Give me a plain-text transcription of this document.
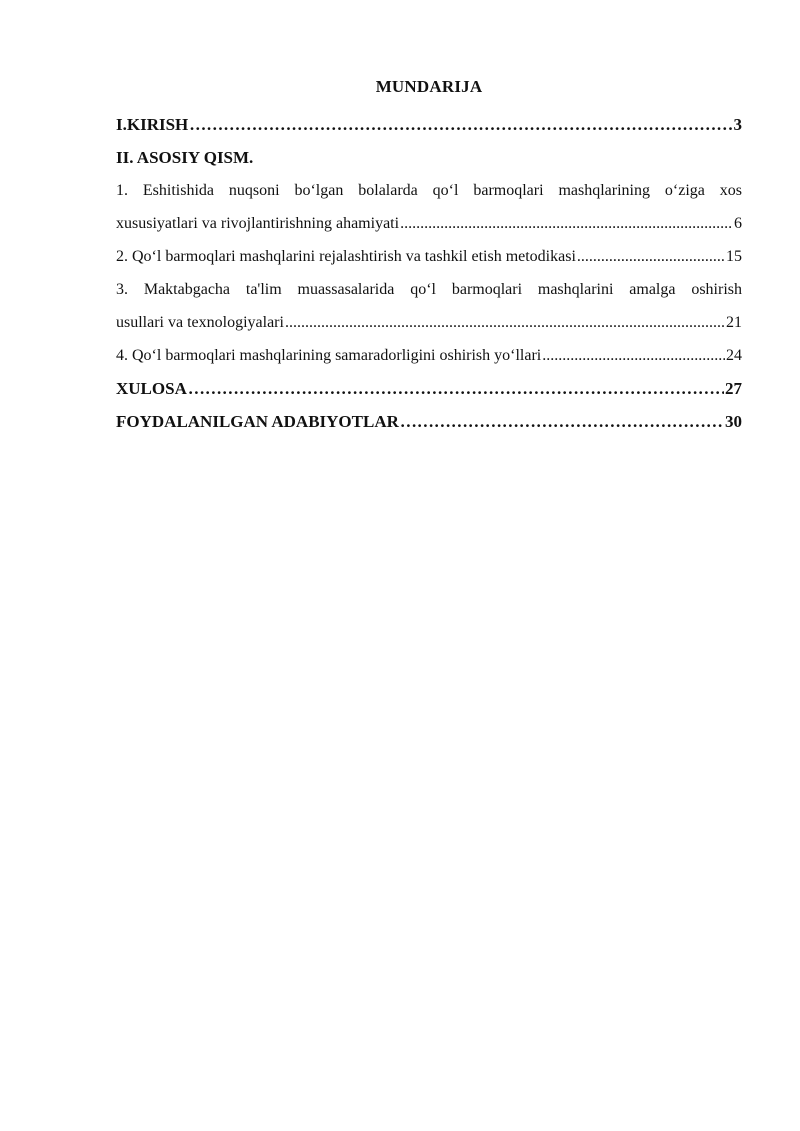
MUNDARIJA
I.KIRISH …………………………………………………………………………………………………………………………………………………………………………………………………………………………………………………………………………………	3
II. ASOSIY QISM.
1. Eshitishida nuqsoni bo‘lgan bolalarda qo‘l barmoqlari mashqlarining o‘ziga xos
xususiyatlari va rivojlantirishning ahamiyati .....	6
2. Qo‘l barmoqlari mashqlarini rejalashtirish va tashkil etish metodikasi .....	15
3. Maktabgacha ta'lim muassasalarida qo‘l barmoqlari mashqlarini amalga oshirish
usullari va texnologiyalari .....	21
4. Qo‘l barmoqlari mashqlarining samaradorligini oshirish yo‘llari .....	24
XULOSA …………………………………………………………………………………………………………………………………………………………………………………………………………………………………………………………………………………	27
FOYDALANILGAN ADABIYOTLAR …………………………………………………………………………………………………………………………………………………………………………………………………………………………………………………………………………………	30
